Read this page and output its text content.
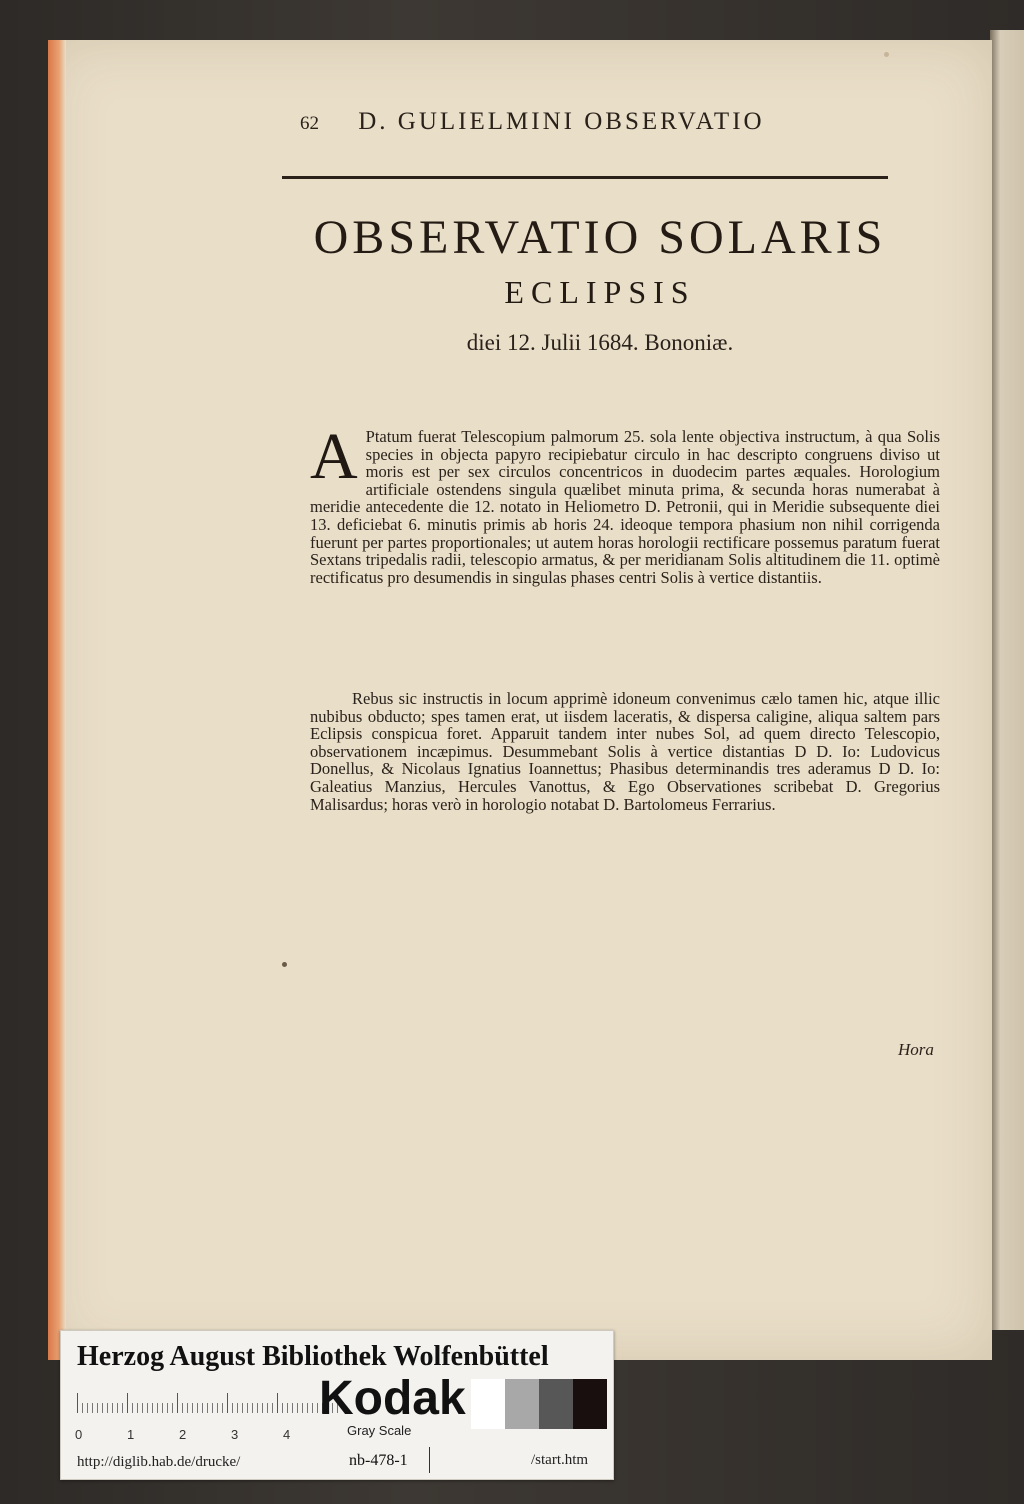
62 D. GULIELMINI OBSERVATIO
OBSERVATIO SOLARIS
ECLIPSIS
diei 12. Julii 1684. Bononiæ.
A Ptatum fuerat Telescopium palmorum 25. sola lente objectiva instructum, à qua Solis species in objecta papyro recipiebatur circulo in hac descripto congruens diviso ut moris est per sex circulos concentricos in duodecim partes æquales. Horologium artificiale ostendens singula quælibet minuta prima, & secunda horas numerabat à meridie antecedente die 12. notato in Heliometro D. Petronii, qui in Meridie subsequente diei 13. deficiebat 6. minutis primis ab horis 24. ideoque tempora phasium non nihil corrigenda fuerunt per partes proportionales; ut autem horas horologii rectificare possemus paratum fuerat Sextans tripedalis radii, telescopio armatus, & per meridianam Solis altitudinem die 11. optimè rectificatus pro desumendis in singulas phases centri Solis à vertice distantiis.
Rebus sic instructis in locum apprimè idoneum convenimus cælo tamen hic, atque illic nubibus obducto; spes tamen erat, ut iisdem laceratis, & dispersa caligine, aliqua saltem pars Eclipsis conspicua foret. Apparuit tandem inter nubes Sol, ad quem directo Telescopio, observationem incæpimus. Desummebant Solis à vertice distantias D D. Io: Ludovicus Donellus, & Nicolaus Ignatius Ioannettus; Phasibus determinandis tres aderamus D D. Io: Galeatius Manzius, Hercules Vanottus, & Ego Observationes scribebat D. Gregorius Malisardus; horas verò in horologio notabat D. Bartolomeus Ferrarius.
Hora
Herzog August Bibliothek Wolfenbüttel
0	1	2	3	4
Kodak
Gray Scale
http://diglib.hab.de/drucke/	nb-478-1	/start.htm
